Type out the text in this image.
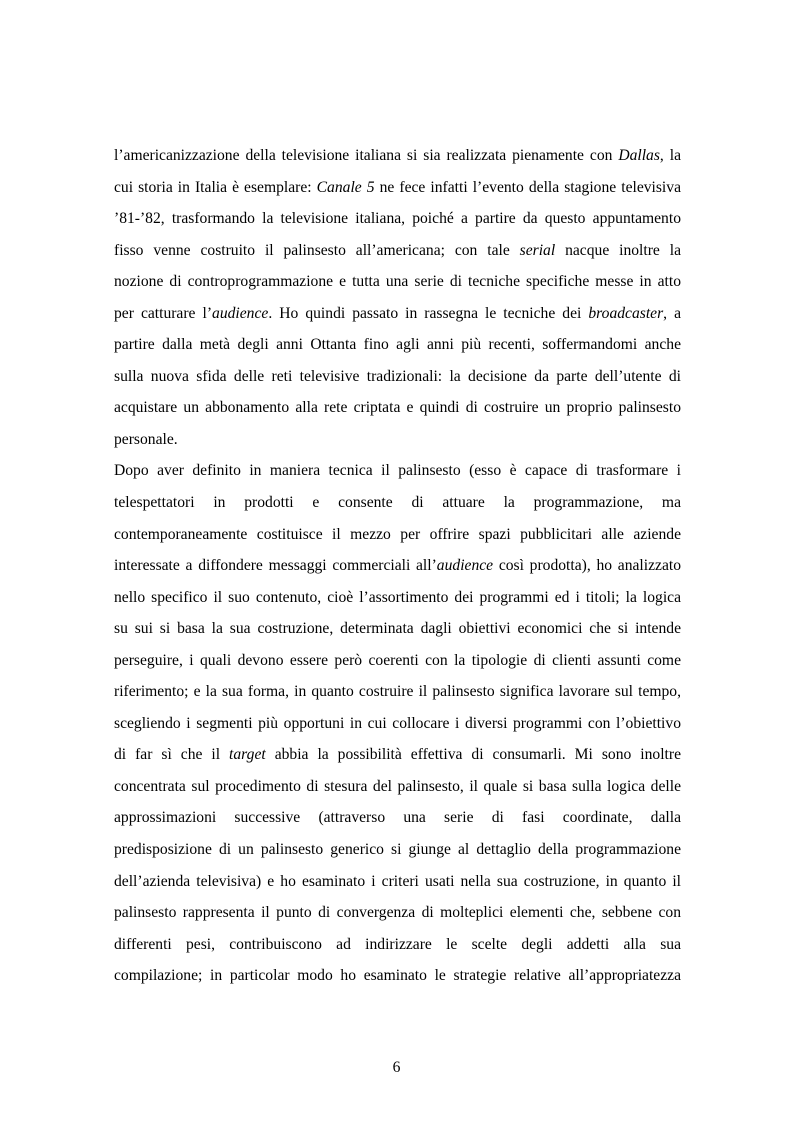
l’americanizzazione della televisione italiana si sia realizzata pienamente con Dallas, la
cui storia in Italia è esemplare: Canale 5 ne fece infatti l’evento della stagione televisiva
’81-’82, trasformando la televisione italiana, poiché a partire da questo appuntamento
fisso venne costruito il palinsesto all’americana; con tale serial nacque inoltre la
nozione di controprogrammazione e tutta una serie di tecniche specifiche messe in atto
per catturare l’audience. Ho quindi passato in rassegna le tecniche dei broadcaster, a
partire dalla metà degli anni Ottanta fino agli anni più recenti, soffermandomi anche
sulla nuova sfida delle reti televisive tradizionali: la decisione da parte dell’utente di
acquistare un abbonamento alla rete criptata e quindi di costruire un proprio palinsesto
personale.
Dopo aver definito in maniera tecnica il palinsesto (esso è capace di trasformare i
telespettatori in prodotti e consente di attuare la programmazione, ma
contemporaneamente costituisce il mezzo per offrire spazi pubblicitari alle aziende
interessate a diffondere messaggi commerciali all’audience così prodotta), ho analizzato
nello specifico il suo contenuto, cioè l’assortimento dei programmi ed i titoli; la logica
su sui si basa la sua costruzione, determinata dagli obiettivi economici che si intende
perseguire, i quali devono essere però coerenti con la tipologie di clienti assunti come
riferimento; e la sua forma, in quanto costruire il palinsesto significa lavorare sul tempo,
scegliendo i segmenti più opportuni in cui collocare i diversi programmi con l’obiettivo
di far sì che il target abbia la possibilità effettiva di consumarli. Mi sono inoltre
concentrata sul procedimento di stesura del palinsesto, il quale si basa sulla logica delle
approssimazioni successive (attraverso una serie di fasi coordinate, dalla
predisposizione di un palinsesto generico si giunge al dettaglio della programmazione
dell’azienda televisiva) e ho esaminato i criteri usati nella sua costruzione, in quanto il
palinsesto rappresenta il punto di convergenza di molteplici elementi che, sebbene con
differenti pesi, contribuiscono ad indirizzare le scelte degli addetti alla sua
compilazione; in particolar modo ho esaminato le strategie relative all’appropriatezza
6
